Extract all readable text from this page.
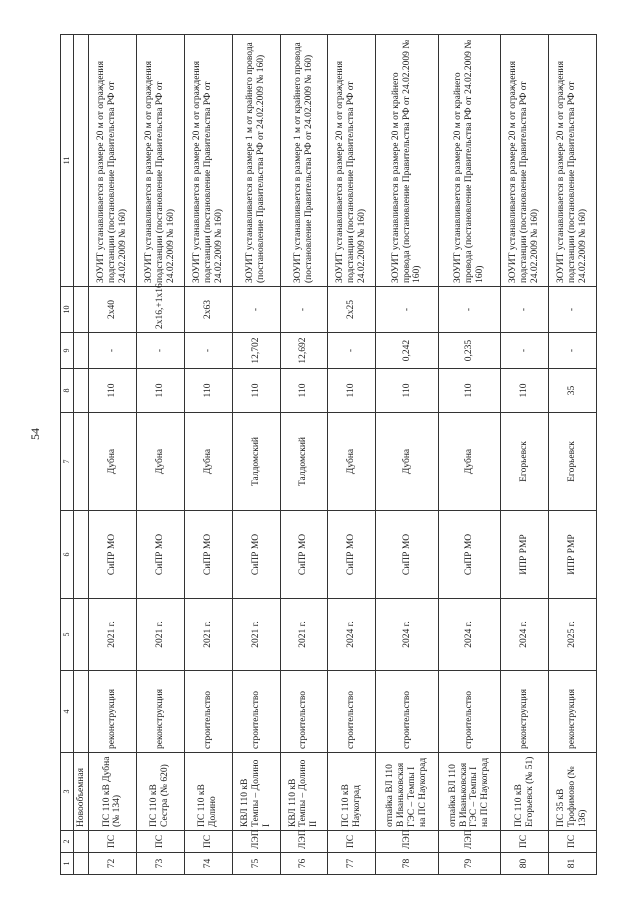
54
1	2	3	4	5	6	7	8	9	10	11
		Новообъемная								
72	ПС	ПС 110 кВ Дубна (№ 134)	реконструкция	2021 г.	СиПР МО	Дубна	110	-	2х40	ЗОУИТ устанавливается в размере 20 м от ограждения подстанции (постановление Правительства РФ от 24.02.2009 № 160)
73	ПС	ПС 110 кВ Сестра (№ 620)	реконструкция	2021 г.	СиПР МО	Дубна	110	-	2х16,+1х16	ЗОУИТ устанавливается в размере 20 м от ограждения подстанции (постановление Правительства РФ от 24.02.2009 № 160)
74	ПС	ПС 110 кВ Долино	строительство	2021 г.	СиПР МО	Дубна	110	-	2х63	ЗОУИТ устанавливается в размере 20 м от ограждения подстанции (постановление Правительства РФ от 24.02.2009 № 160)
75	ЛЭП	КВЛ 110 кВ Темпы – Долино I	строительство	2021 г.	СиПР МО	Талдомский	110	12,702	-	ЗОУИТ устанавливается в размере 1 м от крайнего провода (постановление Правительства РФ от 24.02.2009 № 160)
76	ЛЭП	КВЛ 110 кВ Темпы – Долино II	строительство	2021 г.	СиПР МО	Талдомский	110	12,692	-	ЗОУИТ устанавливается в размере 1 м от крайнего провода (постановление Правительства РФ от 24.02.2009 № 160)
77	ПС	ПС 110 кВ Наукоград	строительство	2024 г.	СиПР МО	Дубна	110	-	2х25	ЗОУИТ устанавливается в размере 20 м от ограждения подстанции (постановление Правительства РФ от 24.02.2009 № 160)
78	ЛЭП	отпайка ВЛ 110 В Иваньковская ГЭС – Темпы I на ПС Наукоград	строительство	2024 г.	СиПР МО	Дубна	110	0,242	-	ЗОУИТ устанавливается в размере 20 м от крайнего провода (постановление Правительства РФ от 24.02.2009 № 160)
79	ЛЭП	отпайка ВЛ 110 В Иваньковская ГЭС – Темпы I на ПС Наукоград	строительство	2024 г.	СиПР МО	Дубна	110	0,235	-	ЗОУИТ устанавливается в размере 20 м от крайнего провода (постановление Правительства РФ от 24.02.2009 № 160)
80	ПС	ПС 110 кВ Егорьевск (№ 51)	реконструкция	2024 г.	ИПР РМР	Егорьевск	110	-	-	ЗОУИТ устанавливается в размере 20 м от ограждения подстанции (постановление Правительства РФ от 24.02.2009 № 160)
81	ПС	ПС 35 кВ Трофимово (№ 136)	реконструкция	2025 г.	ИПР РМР	Егорьевск	35	-	-	ЗОУИТ устанавливается в размере 20 м от ограждения подстанции (постановление Правительства РФ от 24.02.2009 № 160)
